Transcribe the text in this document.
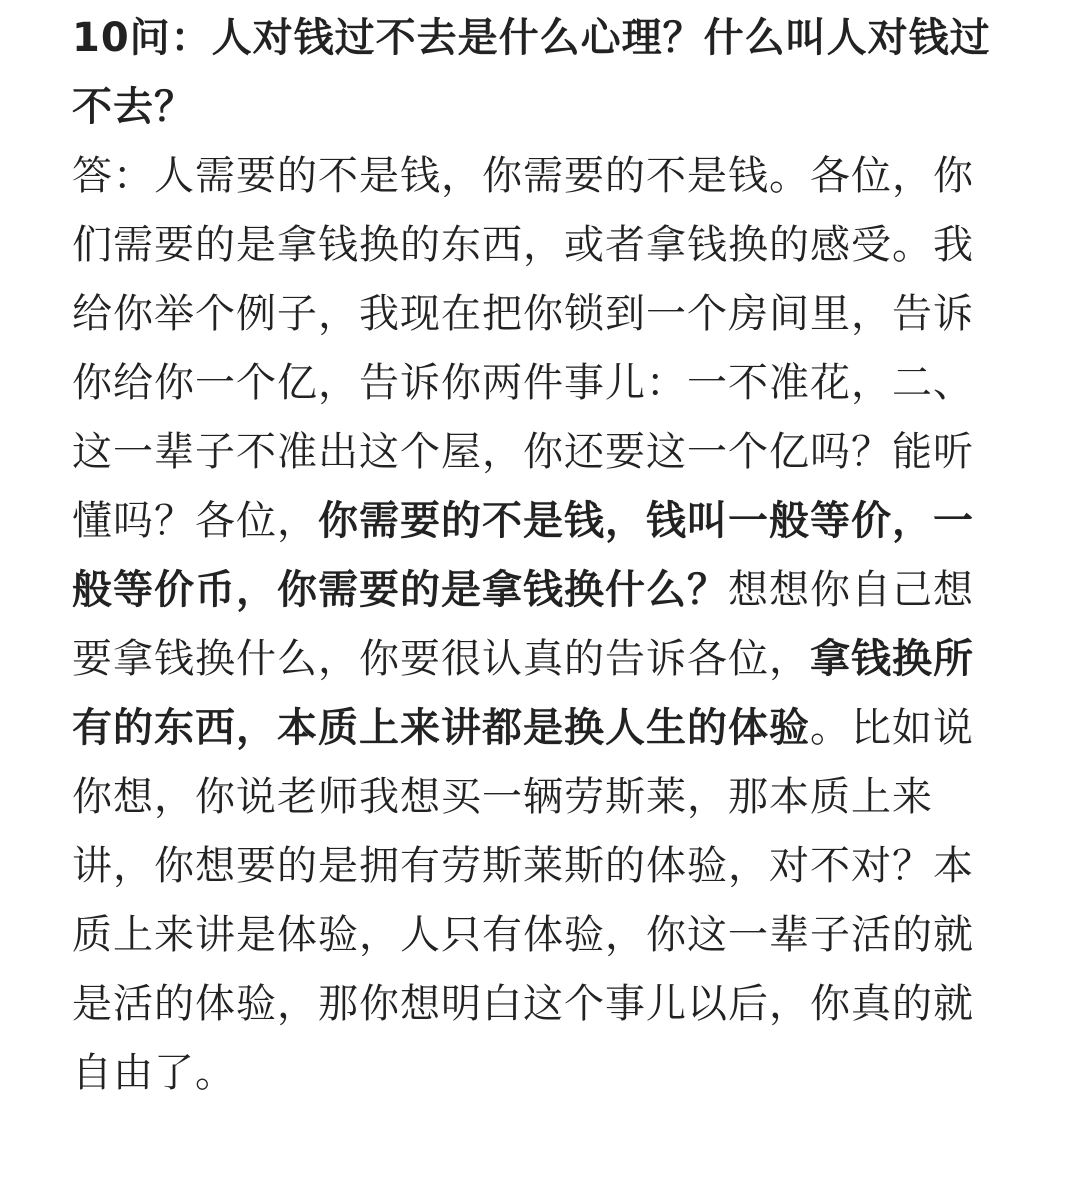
10问：人对钱过不去是什么心理？什么叫人对钱过不去？

答：人需要的不是钱，你需要的不是钱。各位，你们需要的是拿钱换的东西，或者拿钱换的感受。我给你举个例子，我现在把你锁到一个房间里，告诉你给你一个亿，告诉你两件事儿：一不准花，二、这一辈子不准出这个屋，你还要这一个亿吗？能听懂吗？各位，你需要的不是钱，钱叫一般等价，一般等价币，你需要的是拿钱换什么？想想你自己想要拿钱换什么，你要很认真的告诉各位，拿钱换所有的东西，本质上来讲都是换人生的体验。比如说你想，你说老师我想买一辆劳斯莱，那本质上来讲，你想要的是拥有劳斯莱斯的体验，对不对？本质上来讲是体验，人只有体验，你这一辈子活的就是活的体验，那你想明白这个事儿以后，你真的就自由了。
